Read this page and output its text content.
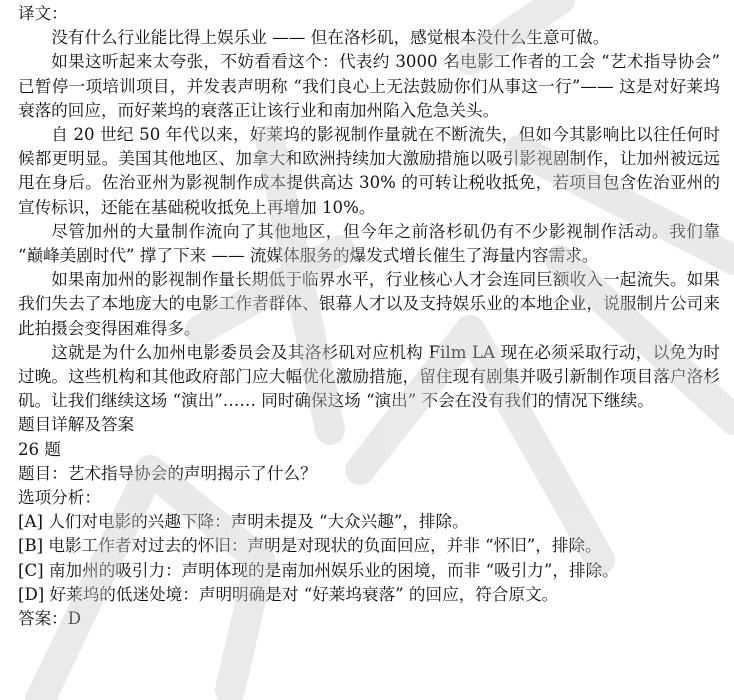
译文：

没有什么行业能比得上娱乐业 —— 但在洛杉矶，感觉根本没什么生意可做。

如果这听起来太夸张，不妨看看这个：代表约 3000 名电影工作者的工会 “艺术指导协会” 已暂停一项培训项目，并发表声明称 “我们良心上无法鼓励你们从事这一行”—— 这是对好莱坞衰落的回应，而好莱坞的衰落正让该行业和南加州陷入危急关头。

自 20 世纪 50 年代以来，好莱坞的影视制作量就在不断流失，但如今其影响比以往任何时候都更明显。美国其他地区、加拿大和欧洲持续加大激励措施以吸引影视剧制作，让加州被远远甩在身后。佐治亚州为影视制作成本提供高达 30% 的可转让税收抵免，若项目包含佐治亚州的宣传标识，还能在基础税收抵免上再增加 10%。

尽管加州的大量制作流向了其他地区，但今年之前洛杉矶仍有不少影视制作活动。我们靠 “巅峰美剧时代” 撑了下来 —— 流媒体服务的爆发式增长催生了海量内容需求。

如果南加州的影视制作量长期低于临界水平，行业核心人才会连同巨额收入一起流失。如果我们失去了本地庞大的电影工作者群体、银幕人才以及支持娱乐业的本地企业，说服制片公司来此拍摄会变得困难得多。

这就是为什么加州电影委员会及其洛杉矶对应机构 Film LA 现在必须采取行动，以免为时过晚。这些机构和其他政府部门应大幅优化激励措施，留住现有剧集并吸引新制作项目落户洛杉矶。让我们继续这场 “演出”…… 同时确保这场 “演出” 不会在没有我们的情况下继续。

题目详解及答案
26 题
题目：艺术指导协会的声明揭示了什么？
选项分析：
[A] 人们对电影的兴趣下降：声明未提及 “大众兴趣”，排除。
[B] 电影工作者对过去的怀旧：声明是对现状的负面回应，并非 “怀旧”，排除。
[C] 南加州的吸引力：声明体现的是南加州娱乐业的困境，而非 “吸引力”，排除。
[D] 好莱坞的低迷处境：声明明确是对 “好莱坞衰落” 的回应，符合原文。
答案：D
